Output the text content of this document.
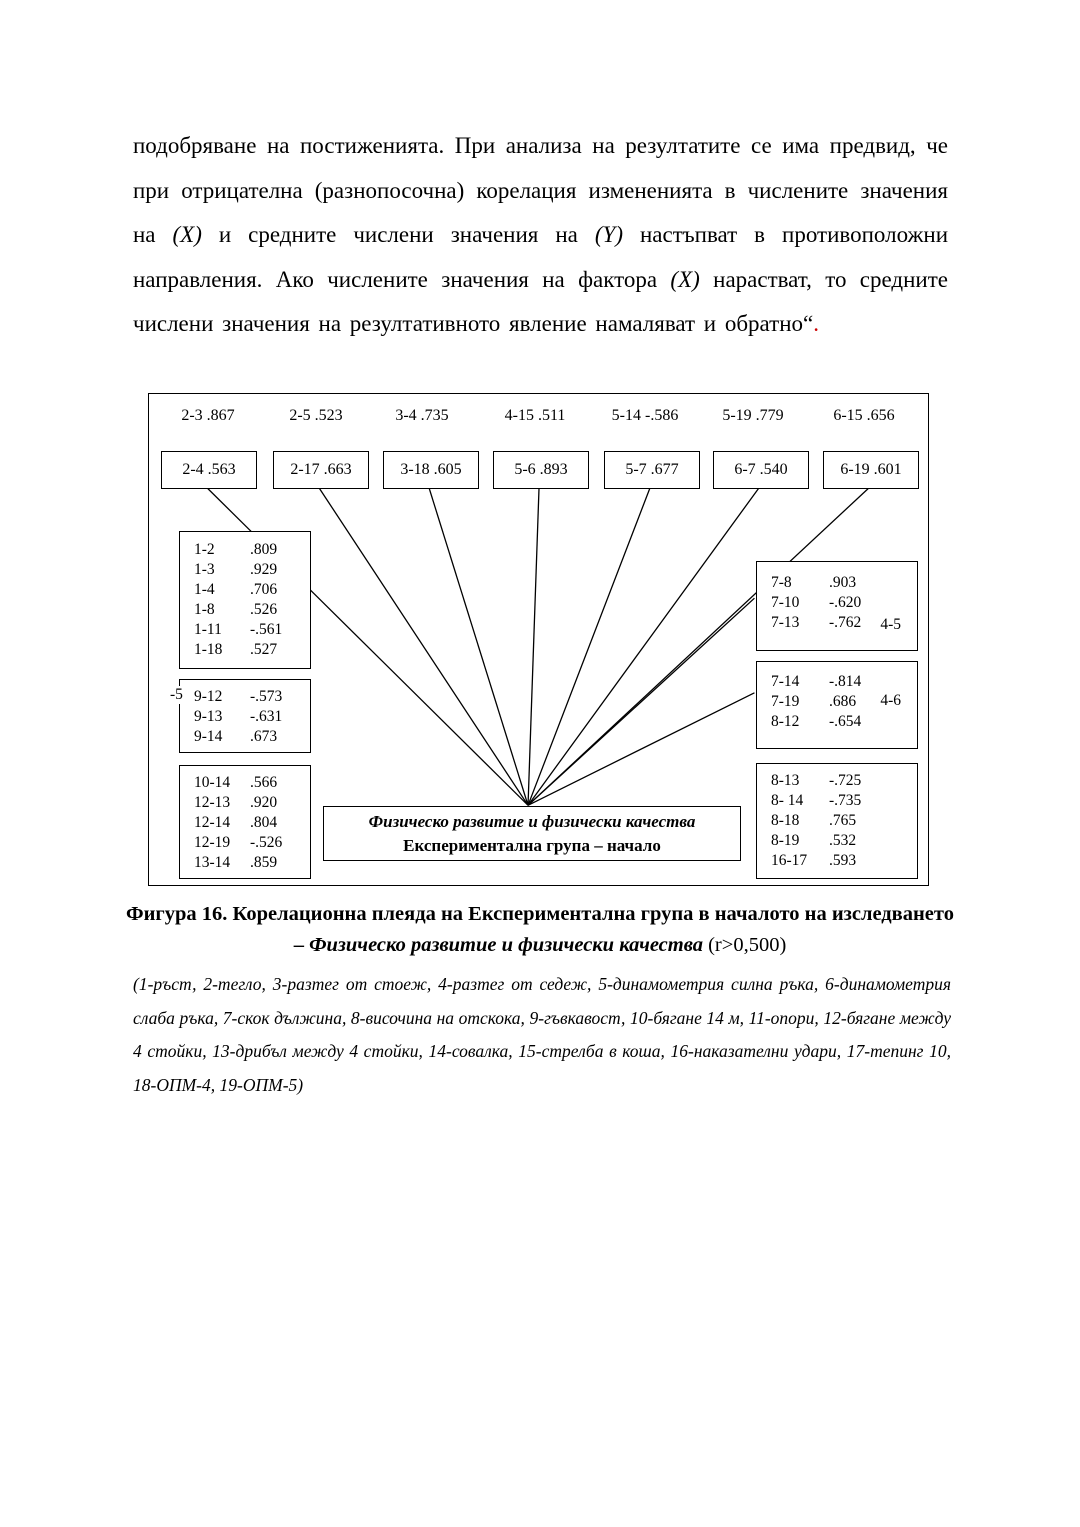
подобряване на постиженията. При анализа на резултатите се има предвид, че при отрицателна (разнопосочна) корелация измененията в числените значения на (X) и средните числени значения на (Y) настъпват в противоположни направления. Ако числените значения на фактора (X) нарастват, то средните числени значения на резултативното явление намаляват и обратно“.

2-3 .867	2-5 .523	3-4 .735	4-15 .511	5-14 -.586	5-19 .779	6-15 .656
2-4 .563	2-17 .663	3-18 .605	5-6 .893	5-7 .677	6-7 .540	6-19 .601
1-2	.809
1-3	.929
1-4	.706
1-8	.526
1-11	-.561
1-18	.527
9-12	-.573
9-13	-.631
9-14	.673
-5
10-14	.566
12-13	.920
12-14	.804
12-19	-.526
13-14	.859
7-8	.903
7-10	-.620
7-13	-.762 4-5
7-14	-.814
7-19	.686
8-12	-.654
4-6
8-13	-.725
8- 14	-.735
8-18	.765
8-19	.532
16-17	.593
Физическо развитие и физически качества
Експериментална група – начало
Фигура 16. Корелационна плеяда на Експериментална група в началото на изследването – Физическо развитие и физически качества (r>0,500)

(1-ръст, 2-тегло, 3-разтег от стоеж, 4-разтег от седеж, 5-динамометрия силна ръка, 6-динамометрия слаба ръка, 7-скок дължина, 8-височина на отскока, 9-гъвкавост, 10-бягане 14 м, 11-опори, 12-бягане между 4 стойки, 13-дрибъл между 4 стойки, 14-совалка, 15-стрелба в коша, 16-наказателни удари, 17-тепинг 10, 18-ОПМ-4, 19-ОПМ-5)
